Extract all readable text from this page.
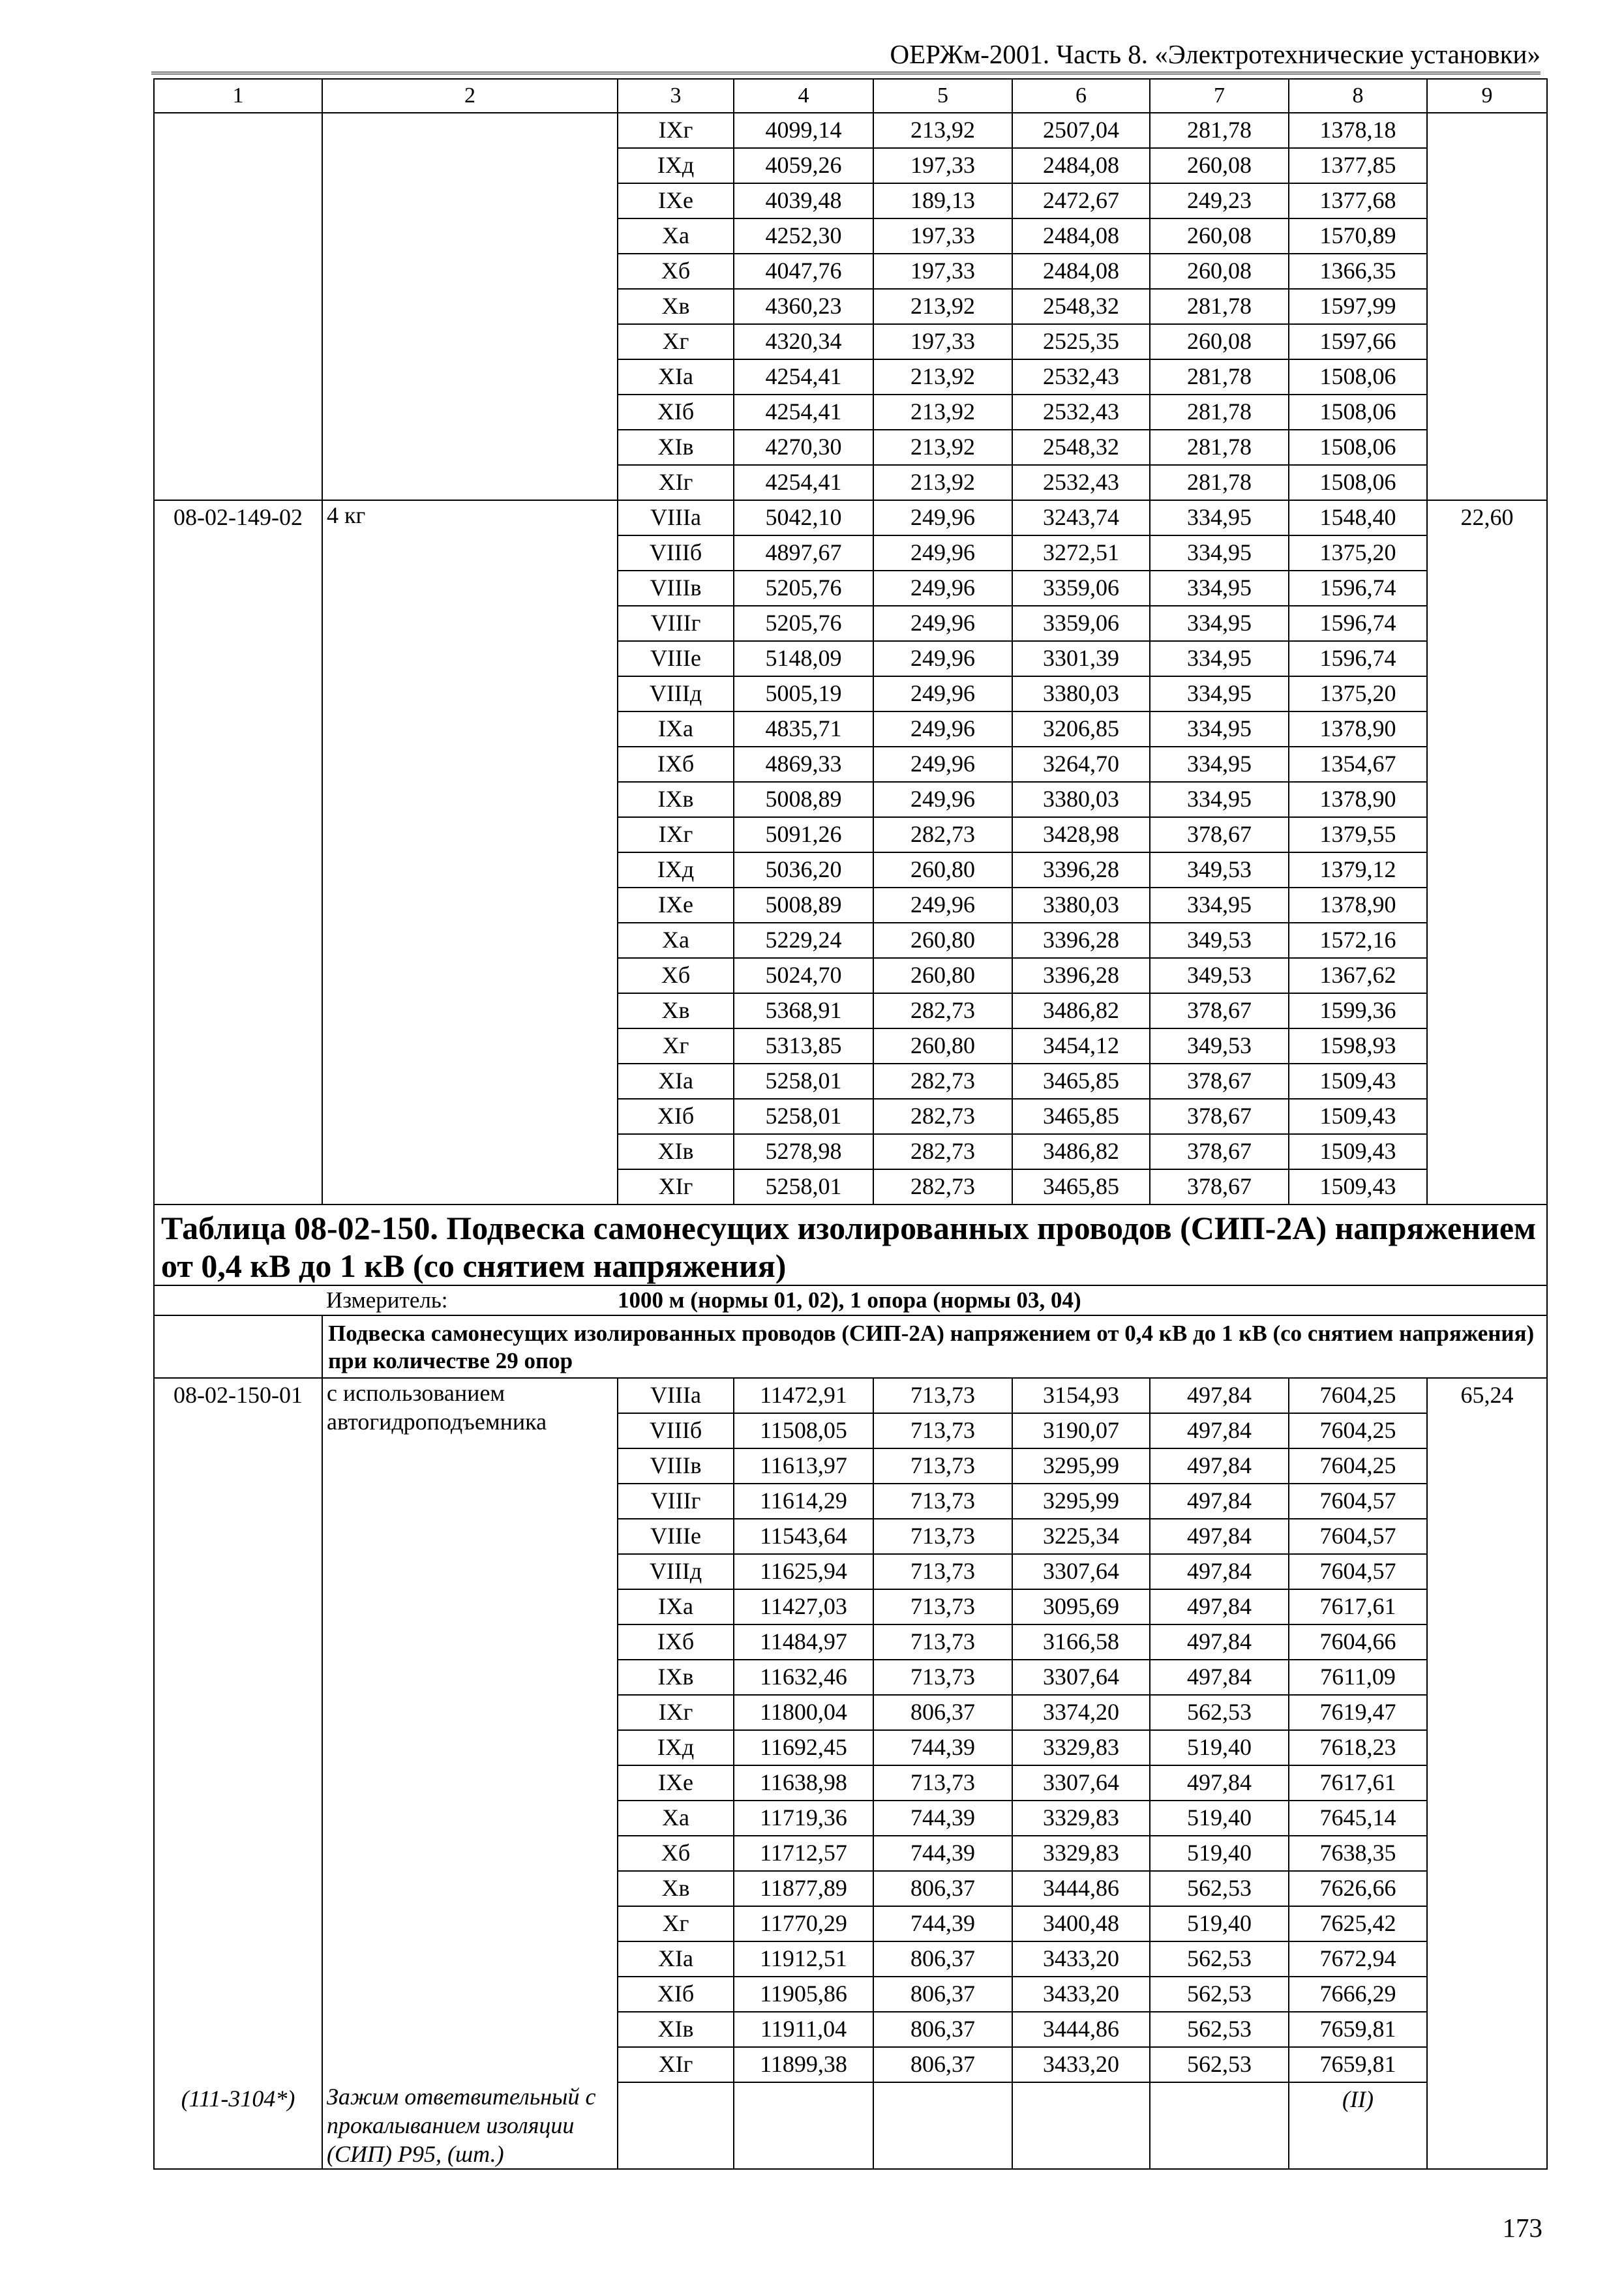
ОЕРЖм-2001. Часть 8. «Электротехнические установки»
1	2	3	4	5	6	7	8	9
		IXг	4099,14	213,92	2507,04	281,78	1378,18	
		IXд	4059,26	197,33	2484,08	260,08	1377,85	
		IXе	4039,48	189,13	2472,67	249,23	1377,68	
		Xа	4252,30	197,33	2484,08	260,08	1570,89	
		Xб	4047,76	197,33	2484,08	260,08	1366,35	
		Xв	4360,23	213,92	2548,32	281,78	1597,99	
		Xг	4320,34	197,33	2525,35	260,08	1597,66	
		XIа	4254,41	213,92	2532,43	281,78	1508,06	
		XIб	4254,41	213,92	2532,43	281,78	1508,06	
		XIв	4270,30	213,92	2548,32	281,78	1508,06	
		XIг	4254,41	213,92	2532,43	281,78	1508,06	
08-02-149-02	4 кг	VIIIа	5042,10	249,96	3243,74	334,95	1548,40	22,60
		VIIIб	4897,67	249,96	3272,51	334,95	1375,20	
		VIIIв	5205,76	249,96	3359,06	334,95	1596,74	
		VIIIг	5205,76	249,96	3359,06	334,95	1596,74	
		VIIIе	5148,09	249,96	3301,39	334,95	1596,74	
		VIIIд	5005,19	249,96	3380,03	334,95	1375,20	
		IXа	4835,71	249,96	3206,85	334,95	1378,90	
		IXб	4869,33	249,96	3264,70	334,95	1354,67	
		IXв	5008,89	249,96	3380,03	334,95	1378,90	
		IXг	5091,26	282,73	3428,98	378,67	1379,55	
		IXд	5036,20	260,80	3396,28	349,53	1379,12	
		IXе	5008,89	249,96	3380,03	334,95	1378,90	
		Xа	5229,24	260,80	3396,28	349,53	1572,16	
		Xб	5024,70	260,80	3396,28	349,53	1367,62	
		Xв	5368,91	282,73	3486,82	378,67	1599,36	
		Xг	5313,85	260,80	3454,12	349,53	1598,93	
		XIа	5258,01	282,73	3465,85	378,67	1509,43	
		XIб	5258,01	282,73	3465,85	378,67	1509,43	
		XIв	5278,98	282,73	3486,82	378,67	1509,43	
		XIг	5258,01	282,73	3465,85	378,67	1509,43	
Таблица 08-02-150. Подвеска самонесущих изолированных проводов (СИП-2А) напряжением от 0,4 кВ до 1 кВ (со снятием напряжения)								
	Измеритель:	1000 м (нормы 01, 02), 1 опора (нормы 03, 04)						
	Подвеска самонесущих изолированных проводов (СИП-2А) напряжением от 0,4 кВ до 1 кВ (со снятием напряжения) при количестве 29 опор							
08-02-150-01	с использованием автогидроподъемника	VIIIа	11472,91	713,73	3154,93	497,84	7604,25	65,24
		VIIIб	11508,05	713,73	3190,07	497,84	7604,25	
		VIIIв	11613,97	713,73	3295,99	497,84	7604,25	
		VIIIг	11614,29	713,73	3295,99	497,84	7604,57	
		VIIIе	11543,64	713,73	3225,34	497,84	7604,57	
		VIIIд	11625,94	713,73	3307,64	497,84	7604,57	
		IXа	11427,03	713,73	3095,69	497,84	7617,61	
		IXб	11484,97	713,73	3166,58	497,84	7604,66	
		IXв	11632,46	713,73	3307,64	497,84	7611,09	
		IXг	11800,04	806,37	3374,20	562,53	7619,47	
		IXд	11692,45	744,39	3329,83	519,40	7618,23	
		IXе	11638,98	713,73	3307,64	497,84	7617,61	
		Xа	11719,36	744,39	3329,83	519,40	7645,14	
		Xб	11712,57	744,39	3329,83	519,40	7638,35	
		Xв	11877,89	806,37	3444,86	562,53	7626,66	
		Xг	11770,29	744,39	3400,48	519,40	7625,42	
		XIа	11912,51	806,37	3433,20	562,53	7672,94	
		XIб	11905,86	806,37	3433,20	562,53	7666,29	
		XIв	11911,04	806,37	3444,86	562,53	7659,81	
		XIг	11899,38	806,37	3433,20	562,53	7659,81	
(111-3104*)	Зажим ответвительный с прокалыванием изоляции (СИП) Р95, (шт.)						(II)	
173
